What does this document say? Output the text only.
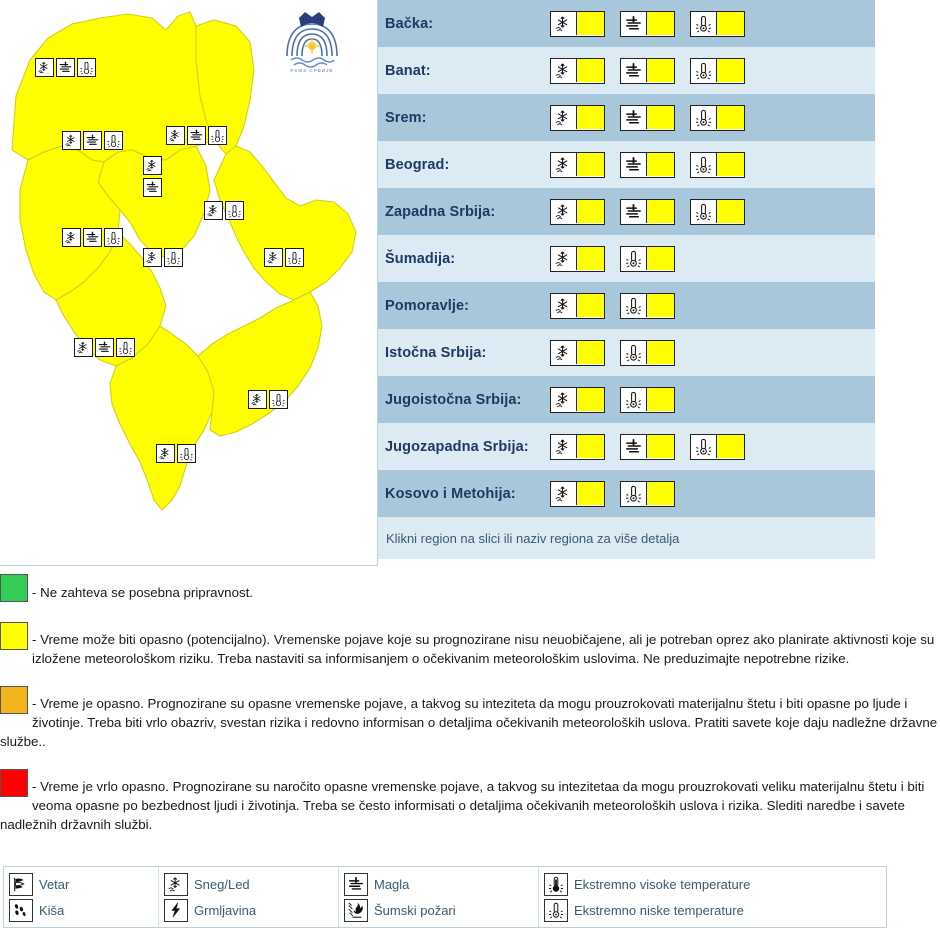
РХМЗ СРБИЈЕ
Bačka:
Banat:
Srem:
Beograd:
Zapadna Srbija:
Šumadija:
Pomoravlje:
Istočna Srbija:
Jugoistočna Srbija:
Jugozapadna Srbija:
Kosovo i Metohija:
Klikni region na slici ili naziv regiona za više detalja
- Ne zahteva se posebna pripravnost.
- Vreme može biti opasno (potencijalno). Vremenske pojave koje su prognozirane nisu neuobičajene, ali je potreban oprez ako planirate aktivnosti koje su izložene meteorološkom riziku. Treba nastaviti sa informisanjem o očekivanim meteorološkim uslovima. Ne preduzimajte nepotrebne rizike.
- Vreme je opasno. Prognozirane su opasne vremenske pojave, a takvog su inteziteta da mogu prouzrokovati materijalnu štetu i biti opasne po ljude i životinje. Treba biti vrlo obazriv, svestan rizika i redovno informisan o detaljima očekivanih meteoroloških uslova. Pratiti savete koje daju nadležne državne službe..
- Vreme je vrlo opasno. Prognozirane su naročito opasne vremenske pojave, a takvog su intezitetaa da mogu prouzrokovati veliku materijalnu štetu i biti veoma opasne po bezbednost ljudi i životinja. Treba se često informisati o detaljima očekivanih meteoroloških uslova i rizika. Slediti naredbe i savete nadležnih državnih službi.
Vetar
Kiša
Sneg/Led
Grmljavina
Magla
Šumski požari
Ekstremno visoke temperature
Ekstremno niske temperature
